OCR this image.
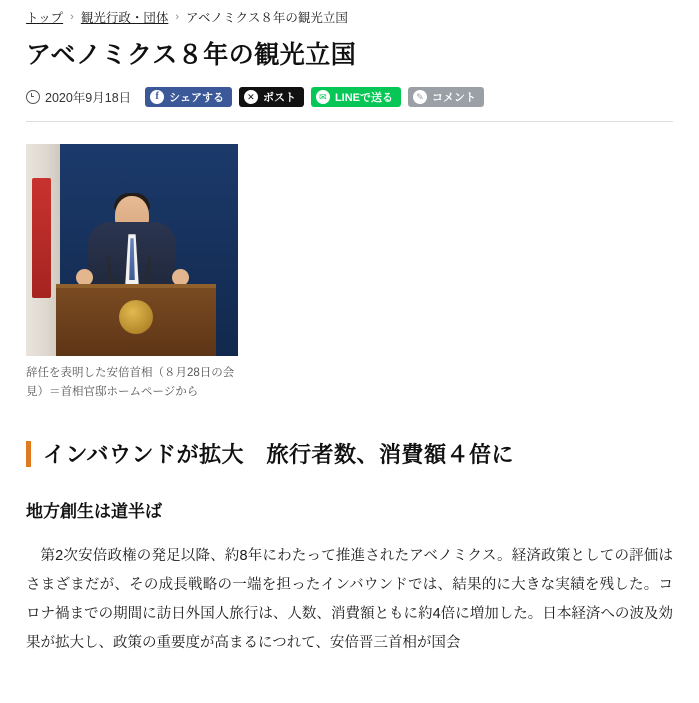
トップ › 観光行政・団体 › アベノミクス８年の観光立国
アベノミクス８年の観光立国
2020年9月18日	f シェアする	✕ ポスト	✉ LINEで送る	✎ コメント
辞任を表明した安倍首相（８月28日の会見）＝首相官邸ホームページから
インバウンドが拡大　旅行者数、消費額４倍に
地方創生は道半ば

第2次安倍政権の発足以降、約8年にわたって推進されたアベノミクス。経済政策としての評価はさまざまだが、その成長戦略の一端を担ったインバウンドでは、結果的に大きな実績を残した。コロナ禍までの期間に訪日外国人旅行は、人数、消費額ともに約4倍に増加した。日本経済への波及効果が拡大し、政策の重要度が高まるにつれて、安倍晋三首相が国会
